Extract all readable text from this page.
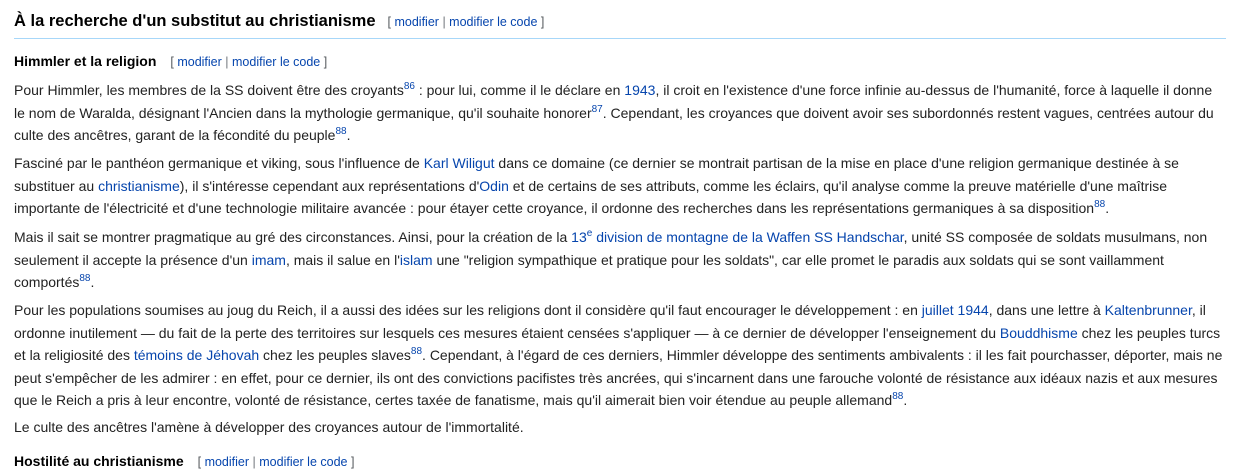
À la recherche d'un substitut au christianisme [ modifier | modifier le code ]
Himmler et la religion [ modifier | modifier le code ]

Pour Himmler, les membres de la SS doivent être des croyants$^{86}$ : pour lui, comme il le déclare en 1943, il croit en l'existence d'une force infinie au-dessus de l'humanité, force à laquelle il donne le nom de Waralda, désignant l'Ancien dans la mythologie germanique, qu'il souhaite honorer$^{87}$. Cependant, les croyances que doivent avoir ses subordonnés restent vagues, centrées autour du culte des ancêtres, garant de la fécondité du peuple$^{88}$.

Fasciné par le panthéon germanique et viking, sous l'influence de Karl Wiligut dans ce domaine (ce dernier se montrait partisan de la mise en place d'une religion germanique destinée à se substituer au christianisme), il s'intéresse cependant aux représentations d'Odin et de certains de ses attributs, comme les éclairs, qu'il analyse comme la preuve matérielle d'une maîtrise importante de l'électricité et d'une technologie militaire avancée : pour étayer cette croyance, il ordonne des recherches dans les représentations germaniques à sa disposition$^{88}$.

Mais il sait se montrer pragmatique au gré des circonstances. Ainsi, pour la création de la 13e division de montagne de la Waffen SS Handschar, unité SS composée de soldats musulmans, non seulement il accepte la présence d'un imam, mais il salue en l'islam une "religion sympathique et pratique pour les soldats", car elle promet le paradis aux soldats qui se sont vaillamment comportés$^{88}$.

Pour les populations soumises au joug du Reich, il a aussi des idées sur les religions dont il considère qu'il faut encourager le développement : en juillet 1944, dans une lettre à Kaltenbrunner, il ordonne inutilement — du fait de la perte des territoires sur lesquels ces mesures étaient censées s'appliquer — à ce dernier de développer l'enseignement du Bouddhisme chez les peuples turcs et la religiosité des témoins de Jéhovah chez les peuples slaves$^{88}$. Cependant, à l'égard de ces derniers, Himmler développe des sentiments ambivalents : il les fait pourchasser, déporter, mais ne peut s'empêcher de les admirer : en effet, pour ce dernier, ils ont des convictions pacifistes très ancrées, qui s'incarnent dans une farouche volonté de résistance aux idéaux nazis et aux mesures que le Reich a pris à leur encontre, volonté de résistance, certes taxée de fanatisme, mais qu'il aimerait bien voir étendue au peuple allemand$^{88}$.

Le culte des ancêtres l'amène à développer des croyances autour de l'immortalité.

Hostilité au christianisme [ modifier | modifier le code ]
